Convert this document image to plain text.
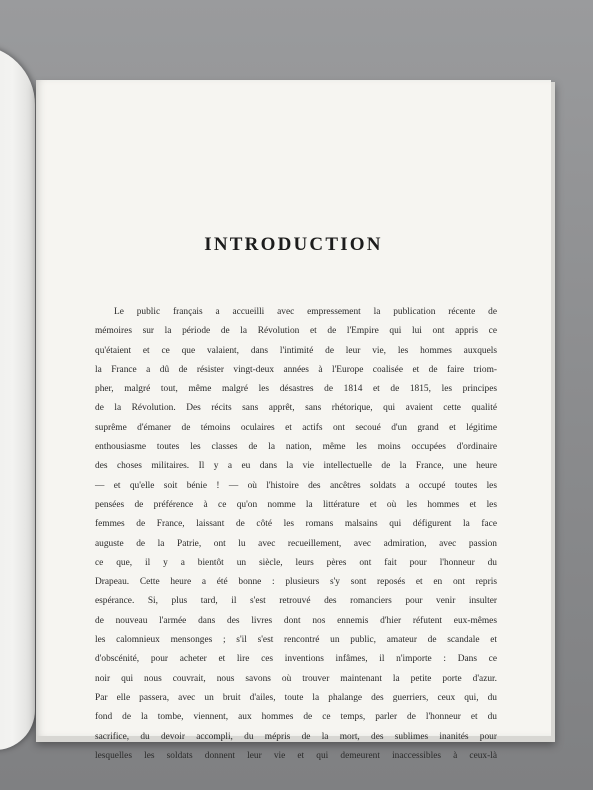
INTRODUCTION
Le public français a accueilli avec empressement la publication récente de
mémoires sur la période de la Révolution et de l'Empire qui lui ont appris ce
qu'étaient et ce que valaient, dans l'intimité de leur vie, les hommes auxquels
la France a dû de résister vingt-deux années à l'Europe coalisée et de faire triom-
pher, malgré tout, même malgré les désastres de 1814 et de 1815, les principes
de la Révolution. Des récits sans apprêt, sans rhétorique, qui avaient cette qualité
suprême d'émaner de témoins oculaires et actifs ont secoué d'un grand et légitime
enthousiasme toutes les classes de la nation, même les moins occupées d'ordinaire
des choses militaires. Il y a eu dans la vie intellectuelle de la France, une heure
— et qu'elle soit bénie ! — où l'histoire des ancêtres soldats a occupé toutes les
pensées de préférence à ce qu'on nomme la littérature et où les hommes et les
femmes de France, laissant de côté les romans malsains qui défigurent la face
auguste de la Patrie, ont lu avec recueillement, avec admiration, avec passion
ce que, il y a bientôt un siècle, leurs pères ont fait pour l'honneur du
Drapeau. Cette heure a été bonne : plusieurs s'y sont reposés et en ont repris
espérance. Si, plus tard, il s'est retrouvé des romanciers pour venir insulter
de nouveau l'armée dans des livres dont nos ennemis d'hier réfutent eux-mêmes
les calomnieux mensonges ; s'il s'est rencontré un public, amateur de scandale et
d'obscénité, pour acheter et lire ces inventions infâmes, il n'importe : Dans ce
noir qui nous couvrait, nous savons où trouver maintenant la petite porte d'azur.
Par elle passera, avec un bruit d'ailes, toute la phalange des guerriers, ceux qui, du
fond de la tombe, viennent, aux hommes de ce temps, parler de l'honneur et du
sacrifice, du devoir accompli, du mépris de la mort, des sublimes inanités pour
lesquelles les soldats donnent leur vie et qui demeurent inaccessibles à ceux-là
